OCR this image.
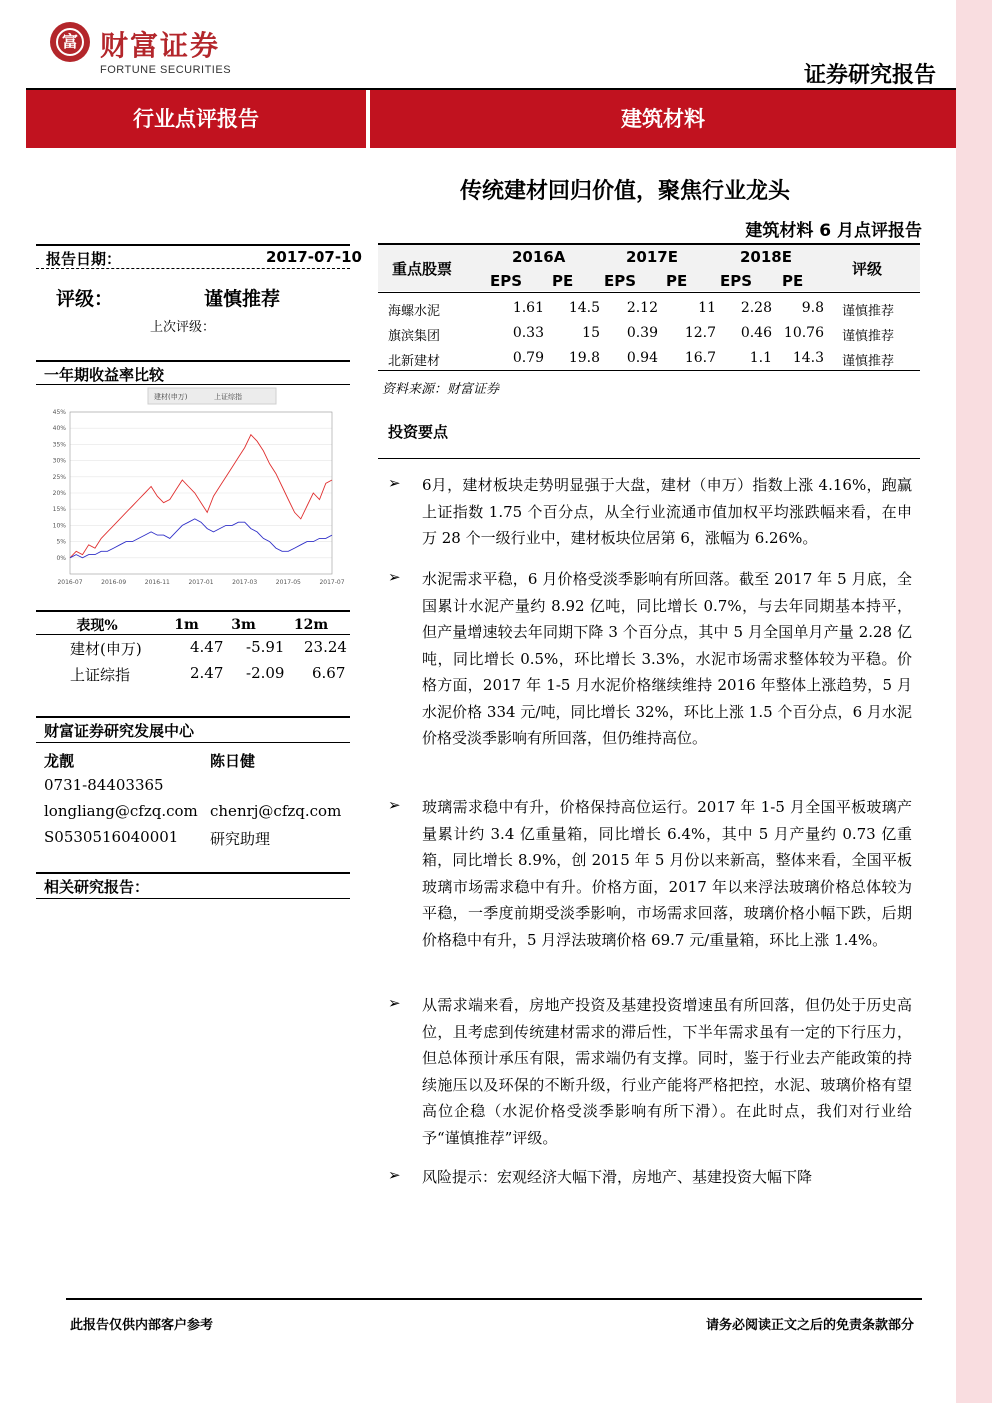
富 财富证券
FORTUNE SECURITIES	证券研究报告
行业点评报告	建筑材料
传统建材回归价值，聚焦行业龙头
建筑材料 6 月点评报告
报告日期：	2017-07-10
评级：	谨慎推荐
上次评级：
一年期收益率比较
建材(申万)	上证综指
45%
40%
35%
30%
25%
20%
15%
10%
5%
0%
2016-07	2016-09	2016-11	2017-01	2017-03	2017-05	2017-07
表现%	1m	3m	12m
建材(申万)	4.47 -5.91 23.24
上证综指	2.47 -2.09 6.67
财富证券研究发展中心
龙靓	陈日健
0731-84403365
longliang@cfzq.com chenrj@cfzq.com
S0530516040001 研究助理
相关研究报告：
重点股票	评级
2016A	2017E	2018E
EPS PE EPS PE EPS PE
海螺水泥	1.61	14.5	2.12	11	2.28	9.8 谨慎推荐
旗滨集团	0.33	15	0.39	12.7	0.46 10.76 谨慎推荐
北新建材	0.79	19.8	0.94	16.7	1.1	14.3 谨慎推荐
资料来源：财富证券
投资要点
➢ 6月，建材板块走势明显强于大盘，建材（申万）指数上涨 4.16%，跑赢上证指数 1.75 个百分点，从全行业流通市值加权平均涨跌幅来看，在申万 28 个一级行业中，建材板块位居第 6，涨幅为 6.26%。
➢ 水泥需求平稳，6 月价格受淡季影响有所回落。截至 2017 年 5 月底，全国累计水泥产量约 8.92 亿吨，同比增长 0.7%，与去年同期基本持平，但产量增速较去年同期下降 3 个百分点，其中 5 月全国单月产量 2.28 亿吨，同比增长 0.5%，环比增长 3.3%，水泥市场需求整体较为平稳。价格方面，2017 年 1-5 月水泥价格继续维持 2016 年整体上涨趋势，5 月水泥价格 334 元/吨，同比增长 32%，环比上涨 1.5 个百分点，6 月水泥价格受淡季影响有所回落，但仍维持高位。
➢ 玻璃需求稳中有升，价格保持高位运行。2017 年 1-5 月全国平板玻璃产量累计约 3.4 亿重量箱，同比增长 6.4%，其中 5 月产量约 0.73 亿重箱，同比增长 8.9%，创 2015 年 5 月份以来新高，整体来看，全国平板玻璃市场需求稳中有升。价格方面，2017 年以来浮法玻璃价格总体较为平稳，一季度前期受淡季影响，市场需求回落，玻璃价格小幅下跌，后期价格稳中有升，5 月浮法玻璃价格 69.7 元/重量箱，环比上涨 1.4%。
➢ 从需求端来看，房地产投资及基建投资增速虽有所回落，但仍处于历史高位，且考虑到传统建材需求的滞后性，下半年需求虽有一定的下行压力，但总体预计承压有限，需求端仍有支撑。同时，鉴于行业去产能政策的持续施压以及环保的不断升级，行业产能将严格把控，水泥、玻璃价格有望高位企稳（水泥价格受淡季影响有所下滑）。在此时点，我们对行业给予“谨慎推荐”评级。
➢ 风险提示：宏观经济大幅下滑，房地产、基建投资大幅下降
此报告仅供内部客户参考	请务必阅读正文之后的免责条款部分
